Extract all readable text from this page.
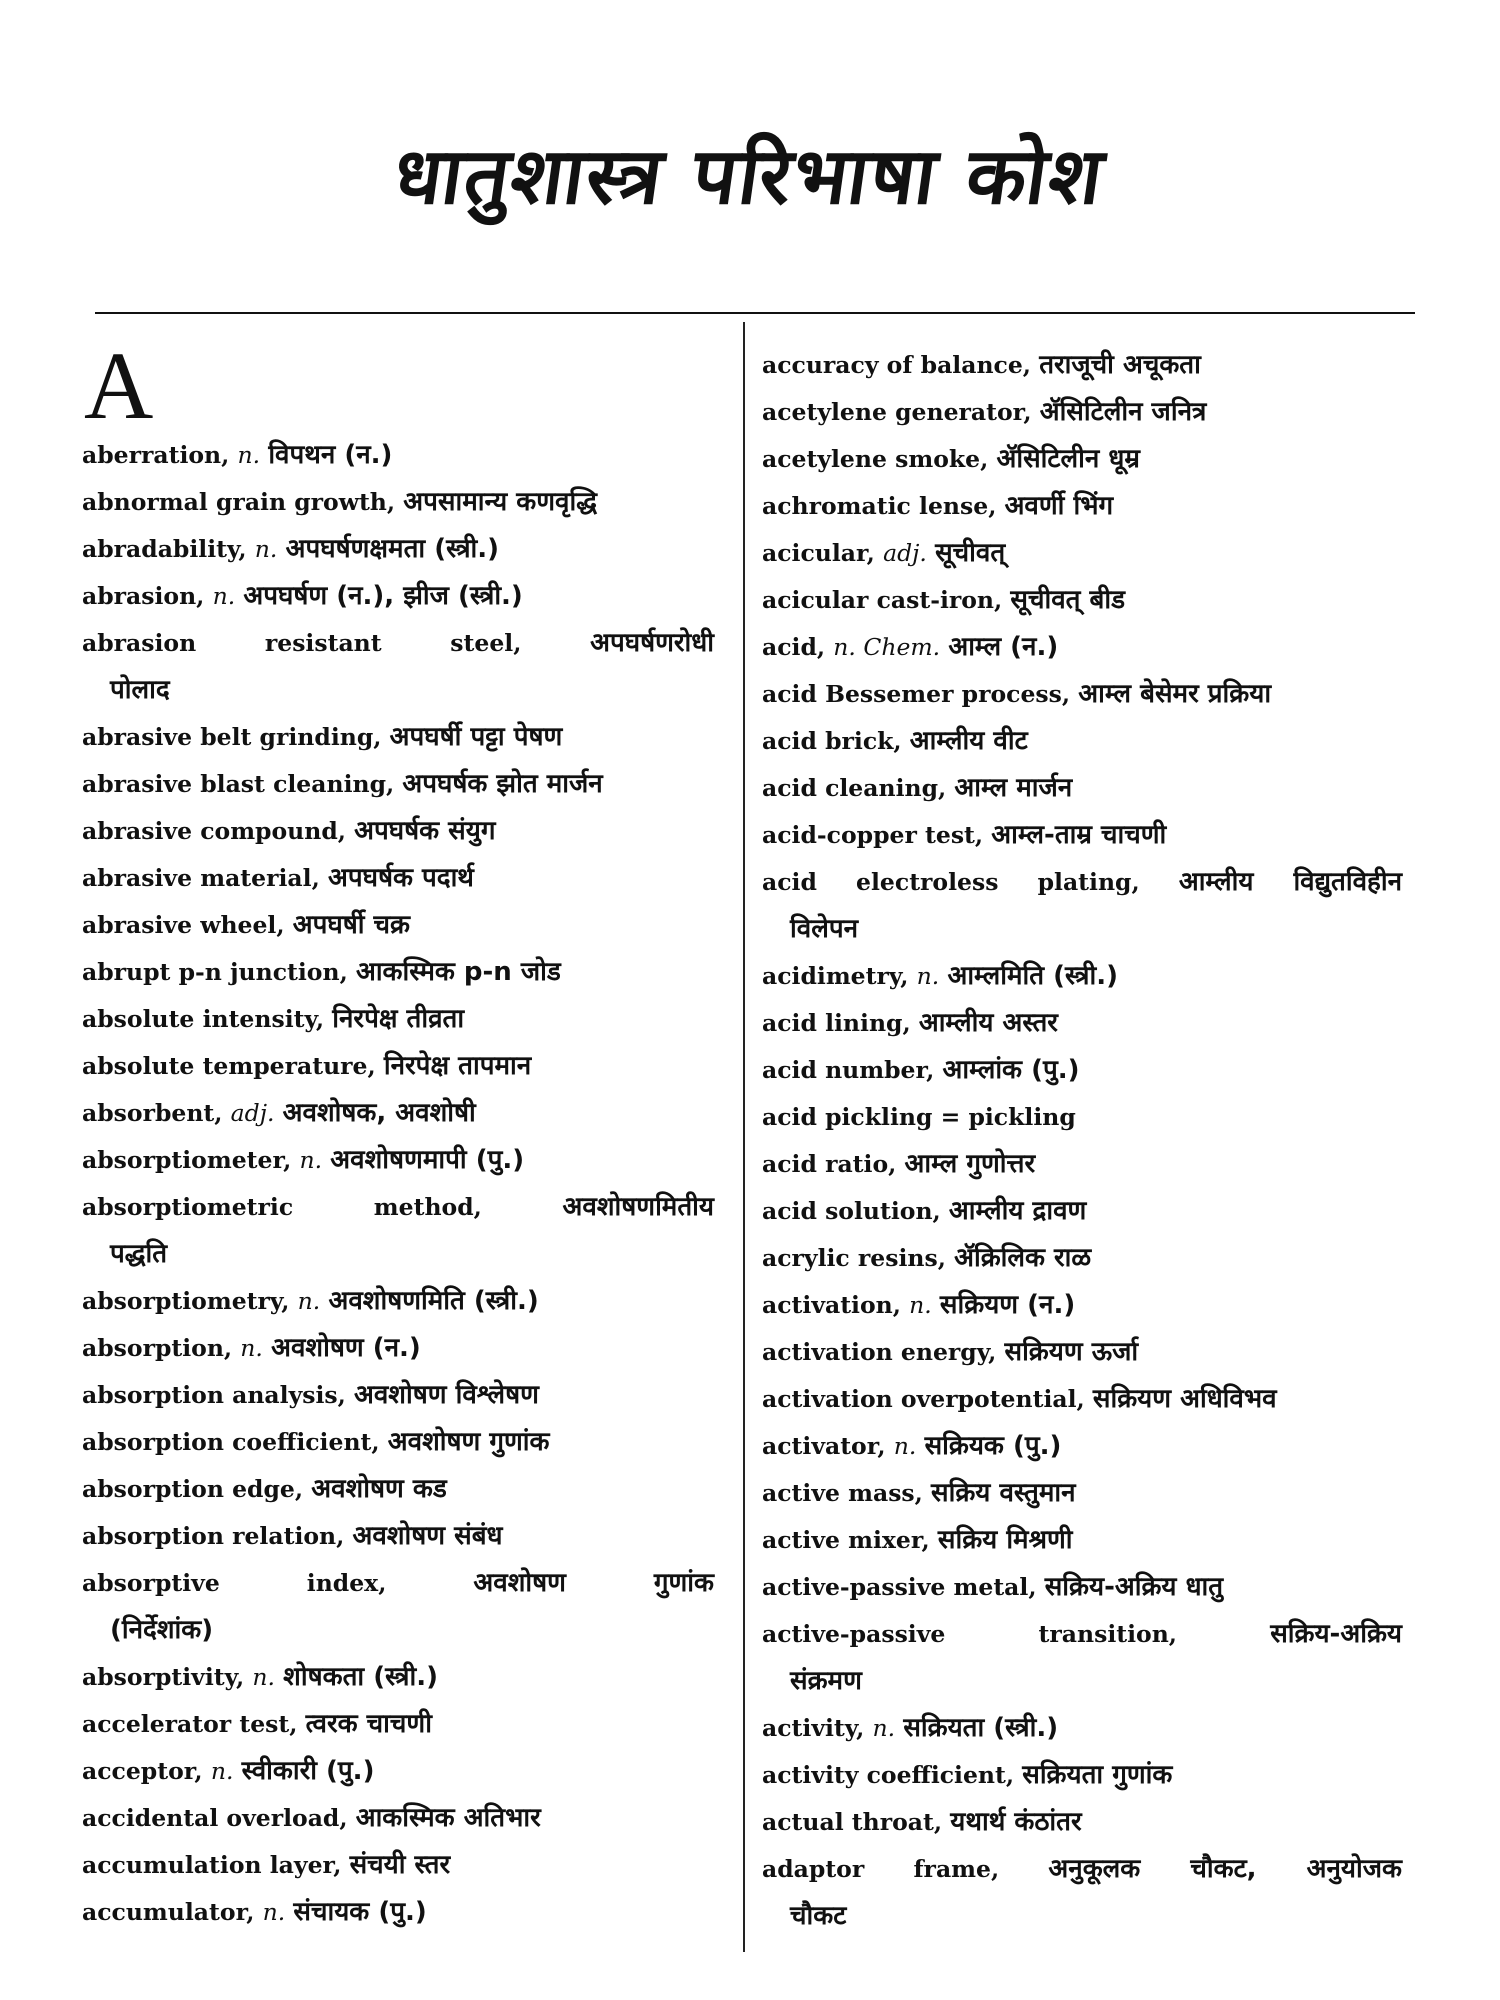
धातुशास्त्र परिभाषा कोश
A
aberration, n. विपथन (न.)
abnormal grain growth, अपसामान्य कणवृद्धि
abradability, n. अपघर्षणक्षमता (स्त्री.)
abrasion, n. अपघर्षण (न.), झीज (स्त्री.)
abrasion resistant steel,	अपघर्षणरोधी
पोलाद
abrasive belt grinding, अपघर्षी पट्टा पेषण
abrasive blast cleaning, अपघर्षक झोत मार्जन
abrasive compound, अपघर्षक संयुग
abrasive material, अपघर्षक पदार्थ
abrasive wheel, अपघर्षी चक्र
abrupt p-n junction, आकस्मिक p-n जोड
absolute intensity, निरपेक्ष तीव्रता
absolute temperature, निरपेक्ष तापमान
absorbent, adj. अवशोषक, अवशोषी
absorptiometer, n. अवशोषणमापी (पु.)
absorptiometric method,	अवशोषणमितीय
पद्धति
absorptiometry, n. अवशोषणमिति (स्त्री.)
absorption, n. अवशोषण (न.)
absorption analysis, अवशोषण विश्लेषण
absorption coefficient, अवशोषण गुणांक
absorption edge, अवशोषण कड
absorption relation, अवशोषण संबंध
absorptive index,	अवशोषण गुणांक
(निर्देशांक)
absorptivity, n. शोषकता (स्त्री.)
accelerator test, त्वरक चाचणी
acceptor, n. स्वीकारी (पु.)
accidental overload, आकस्मिक अतिभार
accumulation layer, संचयी स्तर
accumulator, n. संचायक (पु.)
accuracy of balance, तराजूची अचूकता
acetylene generator, ॲसिटिलीन जनित्र
acetylene smoke, ॲसिटिलीन धूम्र
achromatic lense, अवर्णी भिंग
acicular, adj. सूचीवत्
acicular cast-iron, सूचीवत् बीड
acid, n. Chem. आम्ल (न.)
acid Bessemer process, आम्ल बेसेमर प्रक्रिया
acid brick, आम्लीय वीट
acid cleaning, आम्ल मार्जन
acid-copper test, आम्ल-ताम्र चाचणी
acid electroless plating, आम्लीय विद्युतविहीन
विलेपन
acidimetry, n. आम्लमिति (स्त्री.)
acid lining, आम्लीय अस्तर
acid number, आम्लांक (पु.)
acid pickling = pickling
acid ratio, आम्ल गुणोत्तर
acid solution, आम्लीय द्रावण
acrylic resins, ॲक्रिलिक राळ
activation, n. सक्रियण (न.)
activation energy, सक्रियण ऊर्जा
activation overpotential, सक्रियण अधिविभव
activator, n. सक्रियक (पु.)
active mass, सक्रिय वस्तुमान
active mixer, सक्रिय मिश्रणी
active-passive metal, सक्रिय-अक्रिय धातु
active-passive transition,	सक्रिय-अक्रिय
संक्रमण
activity, n. सक्रियता (स्त्री.)
activity coefficient, सक्रियता गुणांक
actual throat, यथार्थ कंठांतर
adaptor frame, अनुकूलक चौकट, अनुयोजक
चौकट
